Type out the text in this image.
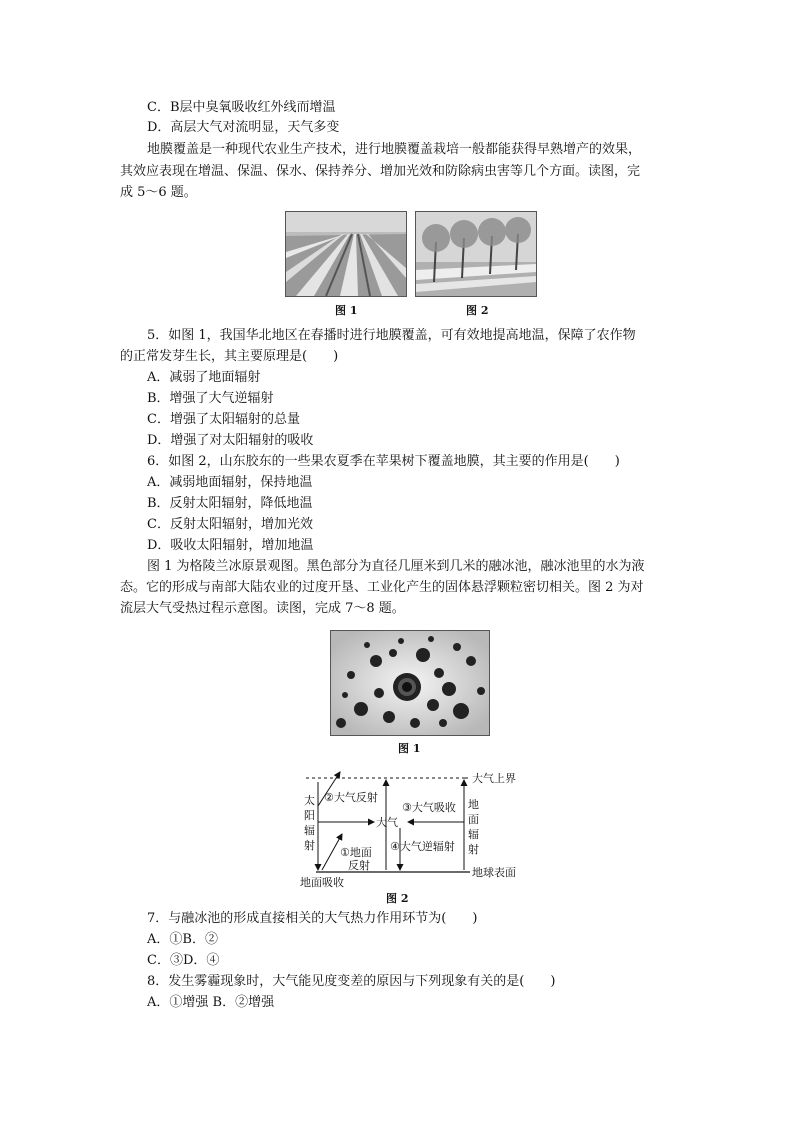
C．B层中臭氧吸收红外线而增温
D．高层大气对流明显，天气多变
地膜覆盖是一种现代农业生产技术，进行地膜覆盖栽培一般都能获得早熟增产的效果，
其效应表现在增温、保温、保水、保持养分、增加光效和防除病虫害等几个方面。读图，完
成 5～6 题。
图 1	图 2
5．如图 1，我国华北地区在春播时进行地膜覆盖，可有效地提高地温，保障了农作物
的正常发芽生长，其主要原理是(　　)
A．减弱了地面辐射
B．增强了大气逆辐射
C．增强了太阳辐射的总量
D．增强了对太阳辐射的吸收
6．如图 2，山东胶东的一些果农夏季在苹果树下覆盖地膜，其主要的作用是(　　)
A．减弱地面辐射，保持地温
B．反射太阳辐射，降低地温
C．反射太阳辐射，增加光效
D．吸收太阳辐射，增加地温
图 1 为格陵兰冰原景观图。黑色部分为直径几厘米到几米的融冰池，融冰池里的水为液
态。它的形成与南部大陆农业的过度开垦、工业化产生的固体悬浮颗粒密切相关。图 2 为对
流层大气受热过程示意图。读图，完成 7～8 题。
图 1
大气上界
太
阳
辐
射
地
面
辐
射
②大气反射
③大气吸收
大气
①地面
反射
④大气逆辐射
地球表面
地面吸收
图 2
7．与融冰池的形成直接相关的大气热力作用环节为(　　)
A．①B．②
C．③D．④
8．发生雾霾现象时，大气能见度变差的原因与下列现象有关的是(　　)
A．①增强 B．②增强
